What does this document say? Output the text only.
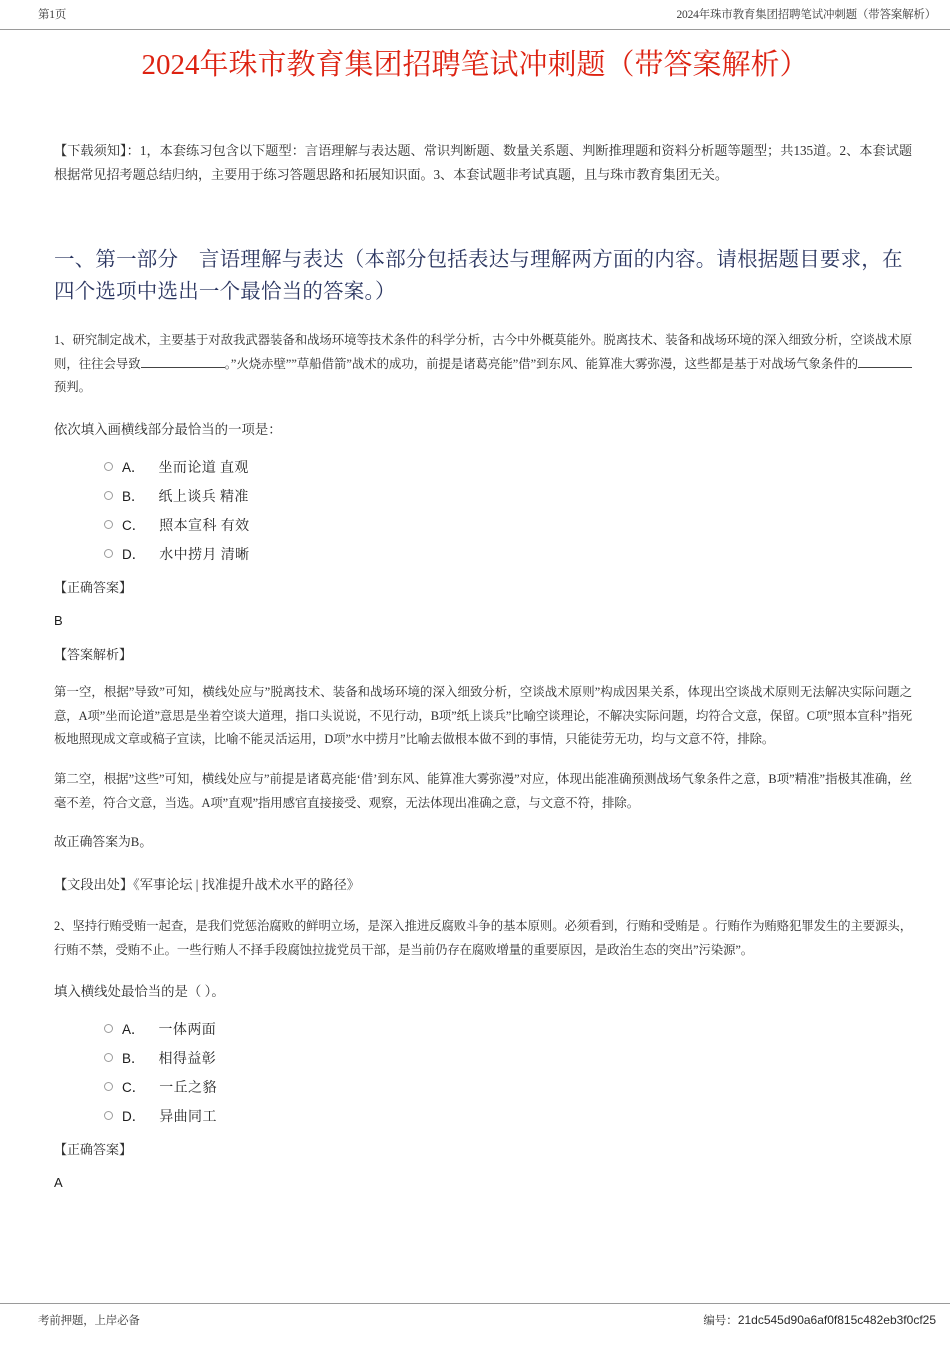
第1页	2024年珠市教育集团招聘笔试冲刺题（带答案解析）
2024年珠市教育集团招聘笔试冲刺题（带答案解析）

【下载须知】：1，本套练习包含以下题型：言语理解与表达题、常识判断题、数量关系题、判断推理题和资料分析题等题型；共135道。2、本套试题根据常见招考题总结归纳，主要用于练习答题思路和拓展知识面。3、本套试题非考试真题，且与珠市教育集团无关。

一、第一部分　言语理解与表达（本部分包括表达与理解两方面的内容。请根据题目要求，在四个选项中选出一个最恰当的答案。）

1、研究制定战术，主要基于对敌我武器装备和战场环境等技术条件的科学分析，古今中外概莫能外。脱离技术、装备和战场环境的深入细致分析，空谈战术原则，往往会导致	。”火烧赤壁””草船借箭”战术的成功，前提是诸葛亮能”借”到东风、能算准大雾弥漫，这些都是基于对战场气象条件的预判。

依次填入画横线部分最恰当的一项是：

A． 坐而论道 直观
B． 纸上谈兵 精准
C． 照本宣科 有效
D． 水中捞月 清晰

【正确答案】

B

【答案解析】

第一空，根据”导致”可知，横线处应与”脱离技术、装备和战场环境的深入细致分析，空谈战术原则”构成因果关系，体现出空谈战术原则无法解决实际问题之意，A项”坐而论道”意思是坐着空谈大道理，指口头说说，不见行动，B项”纸上谈兵”比喻空谈理论，不解决实际问题，均符合文意，保留。C项”照本宣科”指死板地照现成文章或稿子宣读，比喻不能灵活运用，D项”水中捞月”比喻去做根本做不到的事情，只能徒劳无功，均与文意不符，排除。

第二空，根据”这些”可知，横线处应与”前提是诸葛亮能‘借’到东风、能算准大雾弥漫”对应，体现出能准确预测战场气象条件之意，B项”精准”指极其准确，丝毫不差，符合文意，当选。A项”直观”指用感官直接接受、观察，无法体现出准确之意，与文意不符，排除。

故正确答案为B。

【文段出处】《军事论坛 | 找准提升战术水平的路径》

2、坚持行贿受贿一起查，是我们党惩治腐败的鲜明立场，是深入推进反腐败斗争的基本原则。必须看到，行贿和受贿是 。行贿作为贿赂犯罪发生的主要源头，行贿不禁，受贿不止。一些行贿人不择手段腐蚀拉拢党员干部，是当前仍存在腐败增量的重要原因，是政治生态的突出”污染源”。

填入横线处最恰当的是（ ）。

A． 一体两面
B． 相得益彰
C． 一丘之貉
D． 异曲同工

【正确答案】

A

考前押题，上岸必备	编号：21dc545d90a6af0f815c482eb3f0cf25
